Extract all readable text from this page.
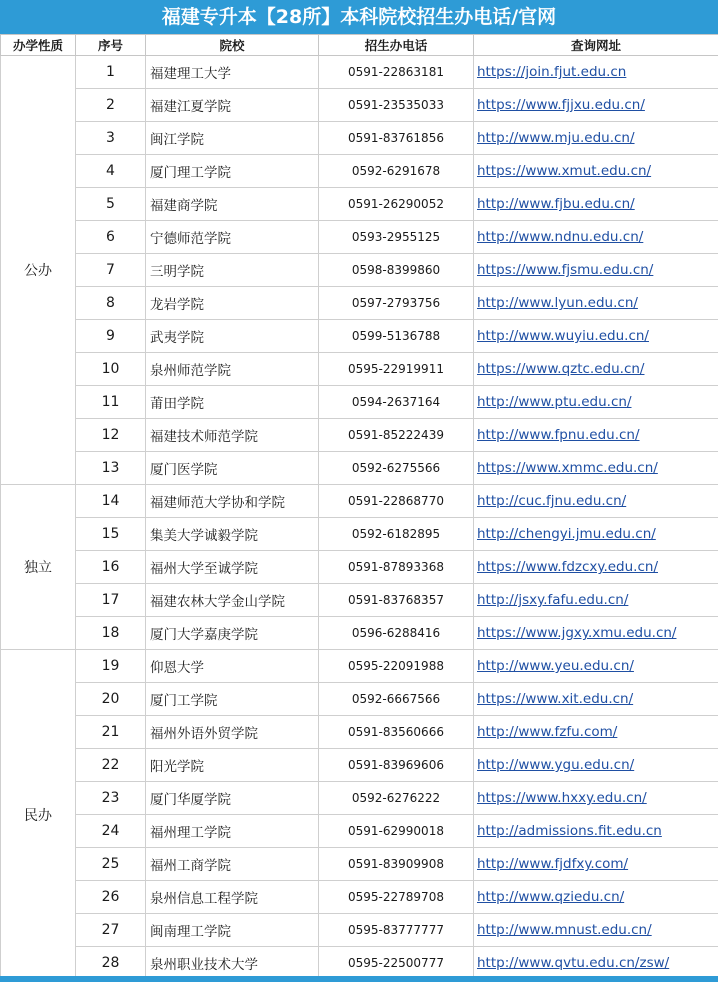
福建专升本【28所】本科院校招生办电话/官网
办学性质	序号	院校	招生办电话	查询网址
公办	1	福建理工大学	0591-22863181	https://join.fjut.edu.cn
	2	福建江夏学院	0591-23535033	https://www.fjjxu.edu.cn/
	3	闽江学院	0591-83761856	http://www.mju.edu.cn/
	4	厦门理工学院	0592-6291678	https://www.xmut.edu.cn/
	5	福建商学院	0591-26290052	http://www.fjbu.edu.cn/
	6	宁德师范学院	0593-2955125	http://www.ndnu.edu.cn/
	7	三明学院	0598-8399860	https://www.fjsmu.edu.cn/
	8	龙岩学院	0597-2793756	http://www.lyun.edu.cn/
	9	武夷学院	0599-5136788	http://www.wuyiu.edu.cn/
	10	泉州师范学院	0595-22919911	https://www.qztc.edu.cn/
	11	莆田学院	0594-2637164	http://www.ptu.edu.cn/
	12	福建技术师范学院	0591-85222439	http://www.fpnu.edu.cn/
	13	厦门医学院	0592-6275566	https://www.xmmc.edu.cn/
独立	14	福建师范大学协和学院	0591-22868770	http://cuc.fjnu.edu.cn/
	15	集美大学诚毅学院	0592-6182895	http://chengyi.jmu.edu.cn/
	16	福州大学至诚学院	0591-87893368	https://www.fdzcxy.edu.cn/
	17	福建农林大学金山学院	0591-83768357	http://jsxy.fafu.edu.cn/
	18	厦门大学嘉庚学院	0596-6288416	https://www.jgxy.xmu.edu.cn/
民办	19	仰恩大学	0595-22091988	http://www.yeu.edu.cn/
	20	厦门工学院	0592-6667566	https://www.xit.edu.cn/
	21	福州外语外贸学院	0591-83560666	http://www.fzfu.com/
	22	阳光学院	0591-83969606	http://www.ygu.edu.cn/
	23	厦门华厦学院	0592-6276222	https://www.hxxy.edu.cn/
	24	福州理工学院	0591-62990018	http://admissions.fit.edu.cn
	25	福州工商学院	0591-83909908	http://www.fjdfxy.com/
	26	泉州信息工程学院	0595-22789708	http://www.qziedu.cn/
	27	闽南理工学院	0595-83777777	http://www.mnust.edu.cn/
	28	泉州职业技术大学	0595-22500777	http://www.qvtu.edu.cn/zsw/
